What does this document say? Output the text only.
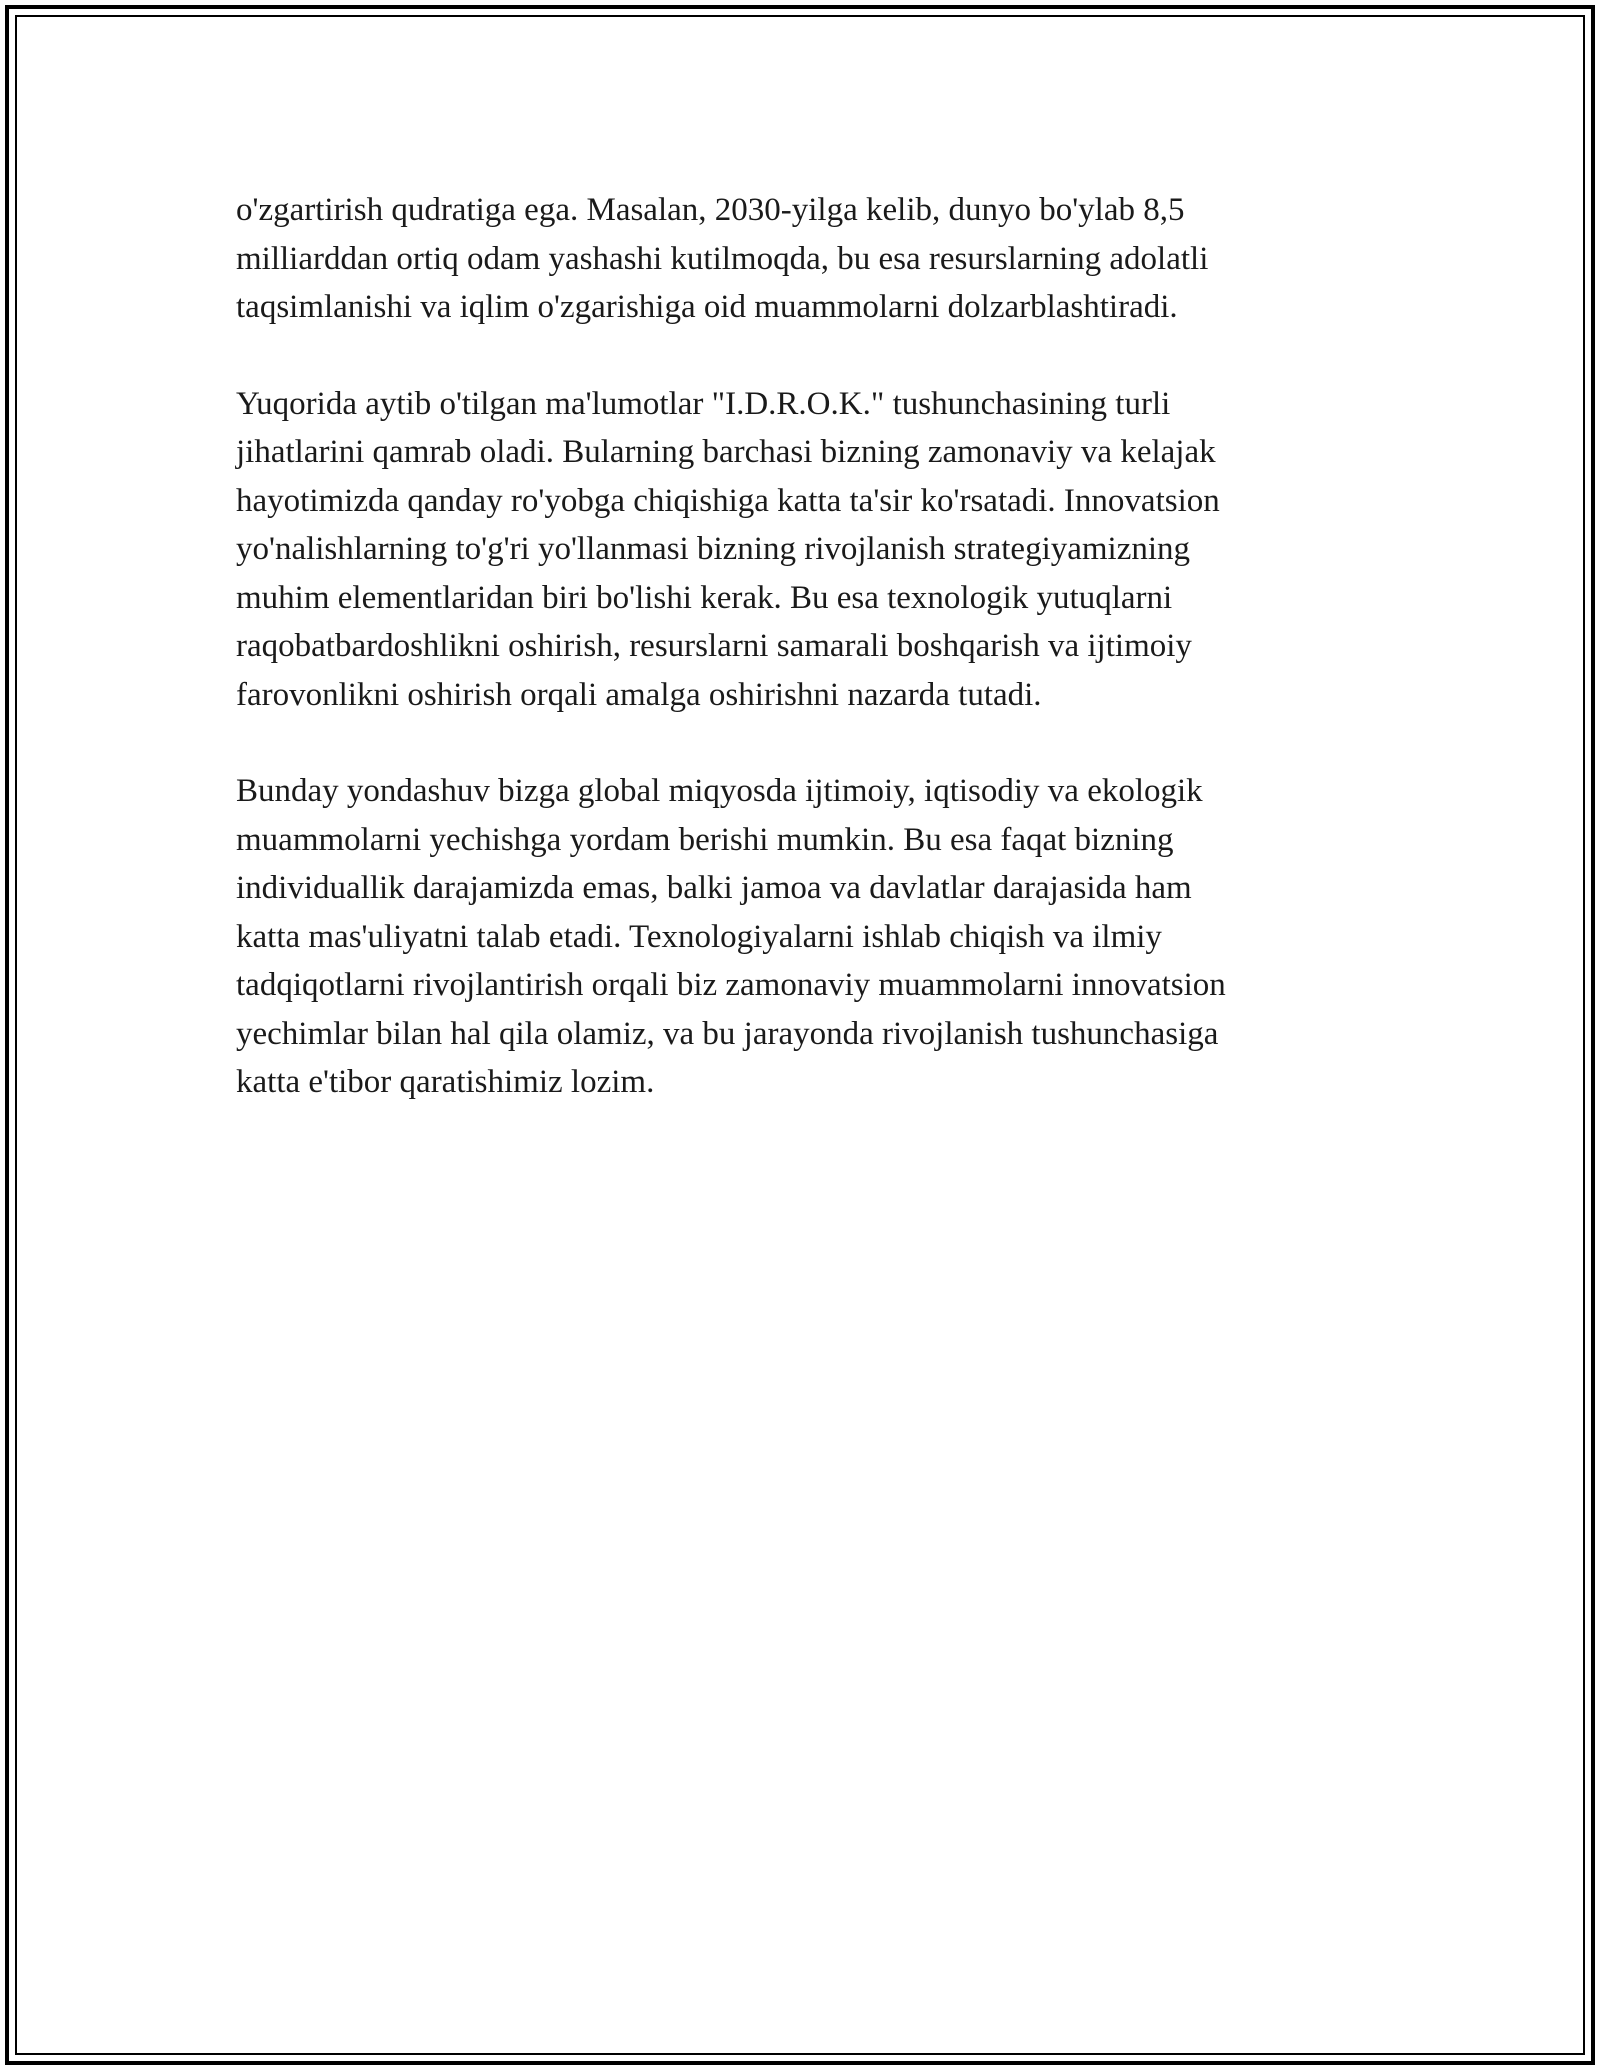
o'zgartirish qudratiga ega. Masalan, 2030-yilga kelib, dunyo bo'ylab 8,5
milliarddan ortiq odam yashashi kutilmoqda, bu esa resurslarning adolatli
taqsimlanishi va iqlim o'zgarishiga oid muammolarni dolzarblashtiradi.

Yuqorida aytib o'tilgan ma'lumotlar "I.D.R.O.K." tushunchasining turli
jihatlarini qamrab oladi. Bularning barchasi bizning zamonaviy va kelajak
hayotimizda qanday ro'yobga chiqishiga katta ta'sir ko'rsatadi. Innovatsion
yo'nalishlarning to'g'ri yo'llanmasi bizning rivojlanish strategiyamizning
muhim elementlaridan biri bo'lishi kerak. Bu esa texnologik yutuqlarni
raqobatbardoshlikni oshirish, resurslarni samarali boshqarish va ijtimoiy
farovonlikni oshirish orqali amalga oshirishni nazarda tutadi.

Bunday yondashuv bizga global miqyosda ijtimoiy, iqtisodiy va ekologik
muammolarni yechishga yordam berishi mumkin. Bu esa faqat bizning
individuallik darajamizda emas, balki jamoa va davlatlar darajasida ham
katta mas'uliyatni talab etadi. Texnologiyalarni ishlab chiqish va ilmiy
tadqiqotlarni rivojlantirish orqali biz zamonaviy muammolarni innovatsion
yechimlar bilan hal qila olamiz, va bu jarayonda rivojlanish tushunchasiga
katta e'tibor qaratishimiz lozim.
